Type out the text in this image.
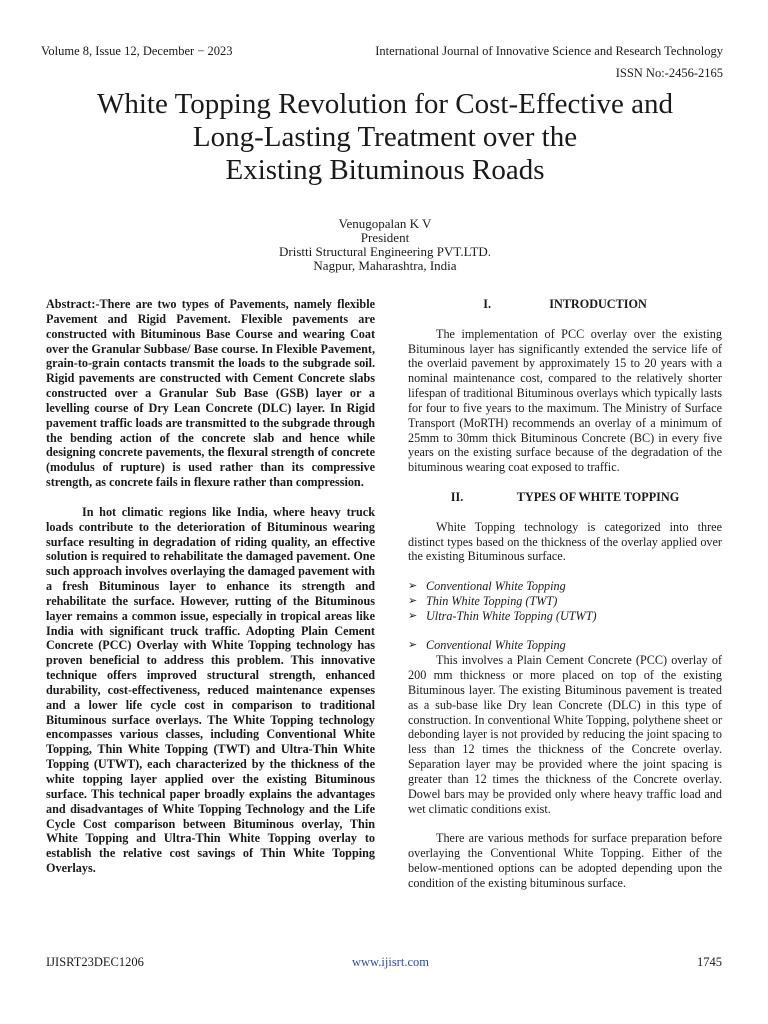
Volume 8, Issue 12, December − 2023	International Journal of Innovative Science and Research Technology
ISSN No:-2456-2165
White Topping Revolution for Cost-Effective and
Long-Lasting Treatment over the
Existing Bituminous Roads
Venugopalan K V
President
Dristti Structural Engineering PVT.LTD.
Nagpur, Maharashtra, India

Abstract:-There are two types of Pavements, namely flexible Pavement and Rigid Pavement. Flexible pavements are constructed with Bituminous Base Course and wearing Coat over the Granular Subbase/ Base course. In Flexible Pavement, grain-to-grain contacts transmit the loads to the subgrade soil. Rigid pavements are constructed with Cement Concrete slabs constructed over a Granular Sub Base (GSB) layer or a levelling course of Dry Lean Concrete (DLC) layer. In Rigid pavement traffic loads are transmitted to the subgrade through the bending action of the concrete slab and hence while designing concrete pavements, the flexural strength of concrete (modulus of rupture) is used rather than its compressive strength, as concrete fails in flexure rather than compression.

In hot climatic regions like India, where heavy truck loads contribute to the deterioration of Bituminous wearing surface resulting in degradation of riding quality, an effective solution is required to rehabilitate the damaged pavement. One such approach involves overlaying the damaged pavement with a fresh Bituminous layer to enhance its strength and rehabilitate the surface. However, rutting of the Bituminous layer remains a common issue, especially in tropical areas like India with significant truck traffic. Adopting Plain Cement Concrete (PCC) Overlay with White Topping technology has proven beneficial to address this problem. This innovative technique offers improved structural strength, enhanced durability, cost-effectiveness, reduced maintenance expenses and a lower life cycle cost in comparison to traditional Bituminous surface overlays. The White Topping technology encompasses various classes, including Conventional White Topping, Thin White Topping (TWT) and Ultra-Thin White Topping (UTWT), each characterized by the thickness of the white topping layer applied over the existing Bituminous surface. This technical paper broadly explains the advantages and disadvantages of White Topping Technology and the Life Cycle Cost comparison between Bituminous overlay, Thin White Topping and Ultra-Thin White Topping overlay to establish the relative cost savings of Thin White Topping Overlays.

I.	INTRODUCTION

The implementation of PCC overlay over the existing Bituminous layer has significantly extended the service life of the overlaid pavement by approximately 15 to 20 years with a nominal maintenance cost, compared to the relatively shorter lifespan of traditional Bituminous overlays which typically lasts for four to five years to the maximum. The Ministry of Surface Transport (MoRTH) recommends an overlay of a minimum of 25mm to 30mm thick Bituminous Concrete (BC) in every five years on the existing surface because of the degradation of the bituminous wearing coat exposed to traffic.

II.	TYPES OF WHITE TOPPING

White Topping technology is categorized into three distinct types based on the thickness of the overlay applied over the existing Bituminous surface.

➢ Conventional White Topping
➢ Thin White Topping (TWT)
➢ Ultra-Thin White Topping (UTWT)
➢ Conventional White Topping

This involves a Plain Cement Concrete (PCC) overlay of 200 mm thickness or more placed on top of the existing Bituminous layer. The existing Bituminous pavement is treated as a sub-base like Dry lean Concrete (DLC) in this type of construction. In conventional White Topping, polythene sheet or debonding layer is not provided by reducing the joint spacing to less than 12 times the thickness of the Concrete overlay. Separation layer may be provided where the joint spacing is greater than 12 times the thickness of the Concrete overlay. Dowel bars may be provided only where heavy traffic load and wet climatic conditions exist.

There are various methods for surface preparation before overlaying the Conventional White Topping. Either of the below-mentioned options can be adopted depending upon the condition of the existing bituminous surface.

IJISRT23DEC1206	www.ijisrt.com	1745
